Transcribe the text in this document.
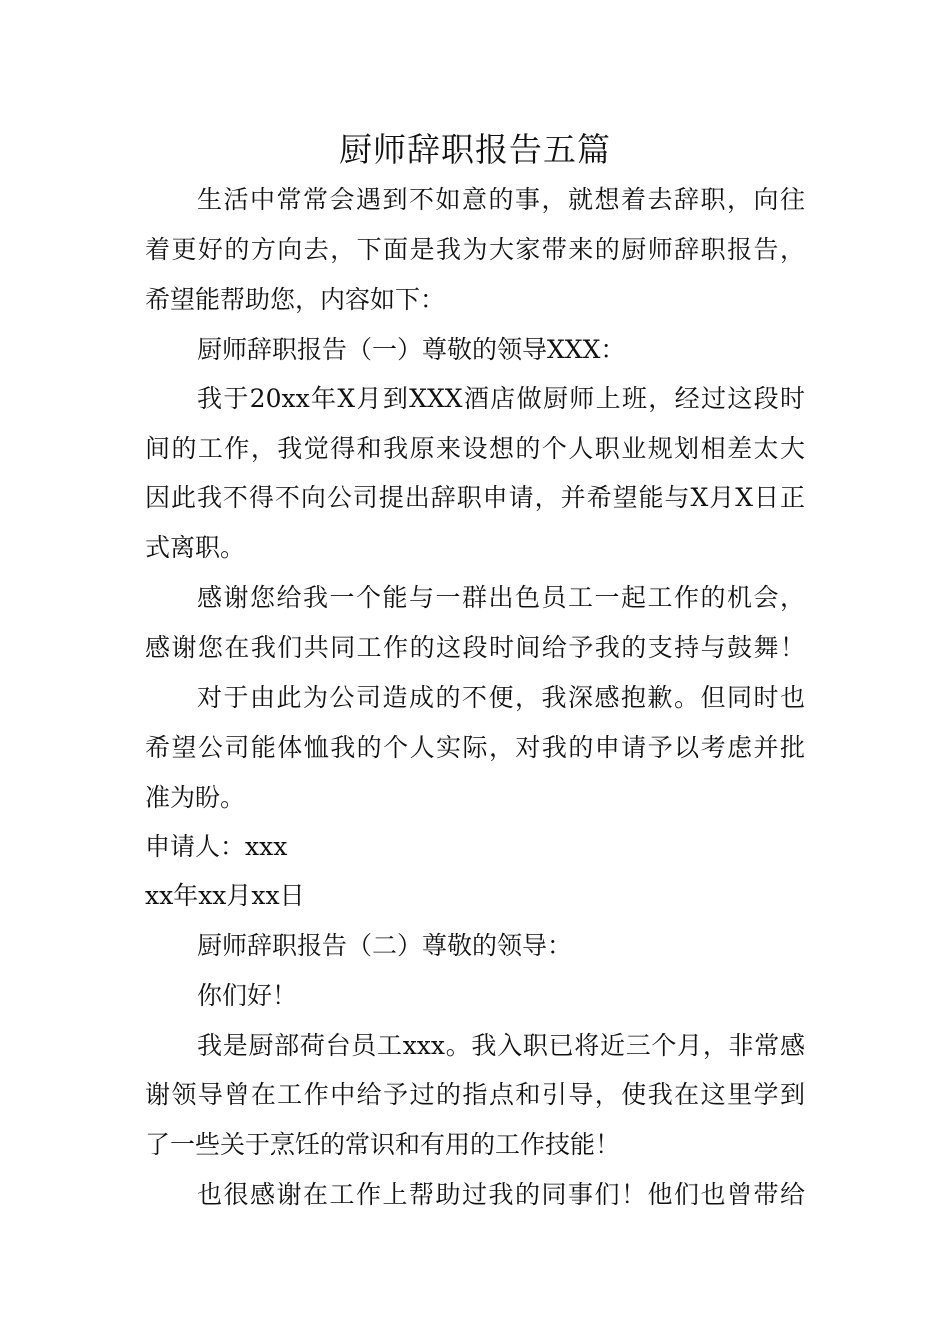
厨师辞职报告五篇
生活中常常会遇到不如意的事，就想着去辞职，向往
着更好的方向去，下面是我为大家带来的厨师辞职报告，
希望能帮助您，内容如下：
厨师辞职报告（一）尊敬的领导XXX：
我于20xx年X月到XXX酒店做厨师上班，经过这段时
间的工作，我觉得和我原来设想的个人职业规划相差太大
因此我不得不向公司提出辞职申请，并希望能与X月X日正
式离职。
感谢您给我一个能与一群出色员工一起工作的机会，
感谢您在我们共同工作的这段时间给予我的支持与鼓舞！
对于由此为公司造成的不便，我深感抱歉。但同时也
希望公司能体恤我的个人实际，对我的申请予以考虑并批
准为盼。
申请人：xxx
xx年xx月xx日
厨师辞职报告（二）尊敬的领导：
你们好！
我是厨部荷台员工xxx。我入职已将近三个月，非常感
谢领导曾在工作中给予过的指点和引导，使我在这里学到
了一些关于烹饪的常识和有用的工作技能！
也很感谢在工作上帮助过我的同事们！他们也曾带给
